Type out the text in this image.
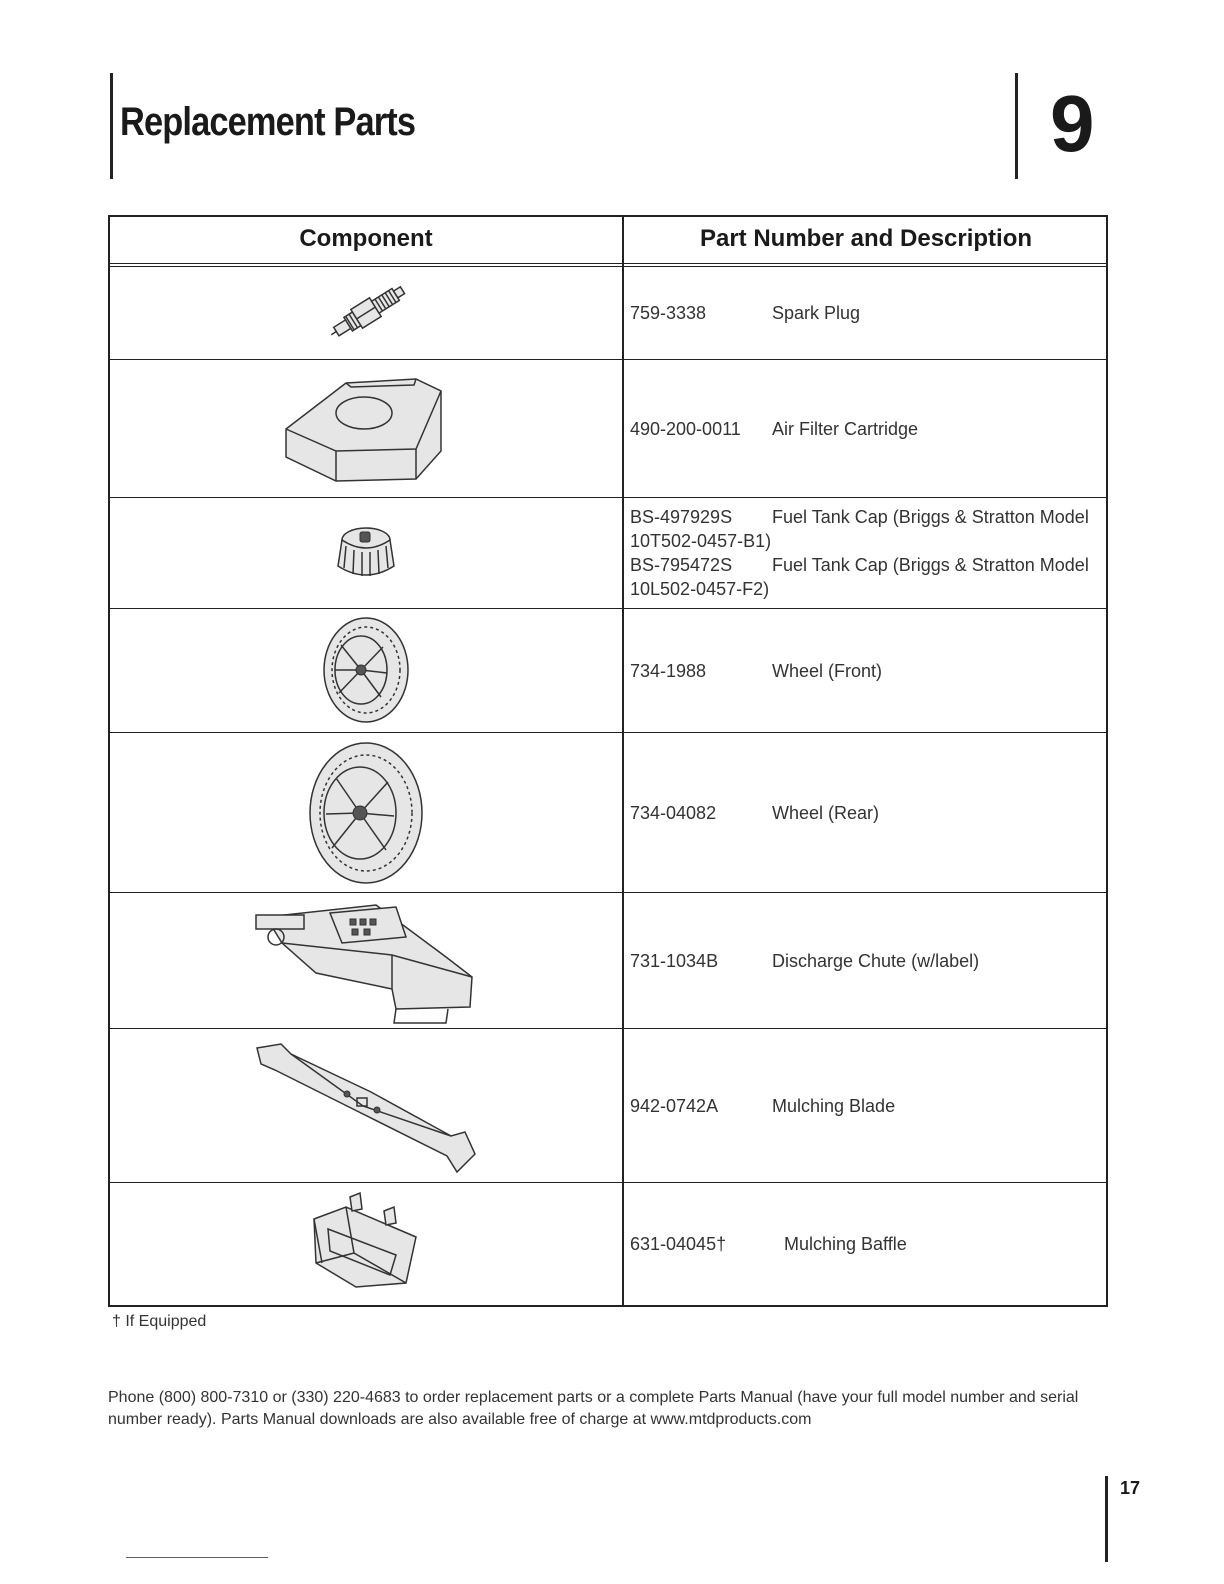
Replacement Parts	9
Component	Part Number and Description
759-3338	Spark Plug
490-200-0011	Air Filter Cartridge
BS-497929S	Fuel Tank Cap (Briggs & Stratton Model
10T502-0457-B1)
BS-795472S	Fuel Tank Cap (Briggs & Stratton Model
10L502-0457-F2)
734-1988	Wheel (Front)
734-04082	Wheel (Rear)
731-1034B	Discharge Chute (w/label)
942-0742A	Mulching Blade
631-04045†	Mulching Baffle
† If Equipped
Phone (800) 800-7310 or (330) 220-4683 to order replacement parts or a complete Parts Manual (have your full model number and serial number ready). Parts Manual downloads are also available free of charge at www.mtdproducts.com
17
